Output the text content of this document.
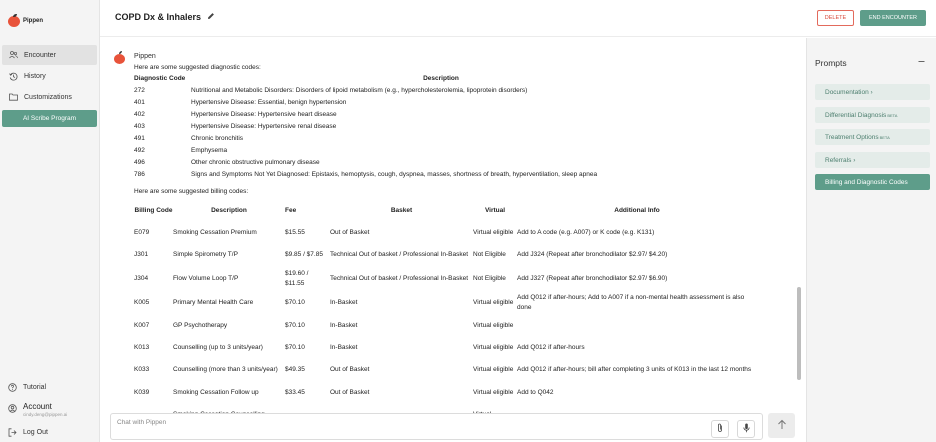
Pippen
Encounter
History
Customizations
AI Scribe Program
Tutorial
Account
cindy.deng@pippen.ai
Log Out
COPD Dx & Inhalers	DELETE	END ENCOUNTER
Pippen
Here are some suggested diagnostic codes:
Diagnostic Code	Description
272	Nutritional and Metabolic Disorders: Disorders of lipoid metabolism (e.g., hypercholesterolemia, lipoprotein disorders)
401	Hypertensive Disease: Essential, benign hypertension
402	Hypertensive Disease: Hypertensive heart disease
403	Hypertensive Disease: Hypertensive renal disease
491	Chronic bronchitis
492	Emphysema
496	Other chronic obstructive pulmonary disease
786	Signs and Symptoms Not Yet Diagnosed: Epistaxis, hemoptysis, cough, dyspnea, masses, shortness of breath, hyperventilation, sleep apnea
Here are some suggested billing codes:
Billing Code	Description	Fee	Basket	Virtual	Additional Info
E079	Smoking Cessation Premium	$15.55	Out of Basket	Virtual eligible	Add to A code (e.g. A007) or K code (e.g. K131)
J301	Simple Spirometry T/P	$9.85 / $7.85	Technical Out of basket / Professional In-Basket	Not Eligible	Add J324 (Repeat after bronchodilator $2.97/ $4.20)
J304	Flow Volume Loop T/P	$19.60 / $11.55	Technical Out of basket / Professional In-Basket	Not Eligible	Add J327 (Repeat after bronchodilator $2.97/ $6.90)
K005	Primary Mental Health Care	$70.10	In-Basket	Virtual eligible	Add Q012 if after-hours; Add to A007 if a non-mental health assessment is also done
K007	GP Psychotherapy	$70.10	In-Basket	Virtual eligible	
K013	Counselling (up to 3 units/year)	$70.10	In-Basket	Virtual eligible	Add Q012 if after-hours
K033	Counselling (more than 3 units/year)	$49.35	Out of Basket	Virtual eligible	Add Q012 if after-hours; bill after completing 3 units of K013 in the last 12 months
K039	Smoking Cessation Follow up	$33.45	Out of Basket	Virtual eligible	Add to Q042

Chat with Pippen
Prompts
Documentation
›
Differential Diagnosis BETA
Treatment Options BETA
Referrals
›
Billing and Diagnostic Codes
